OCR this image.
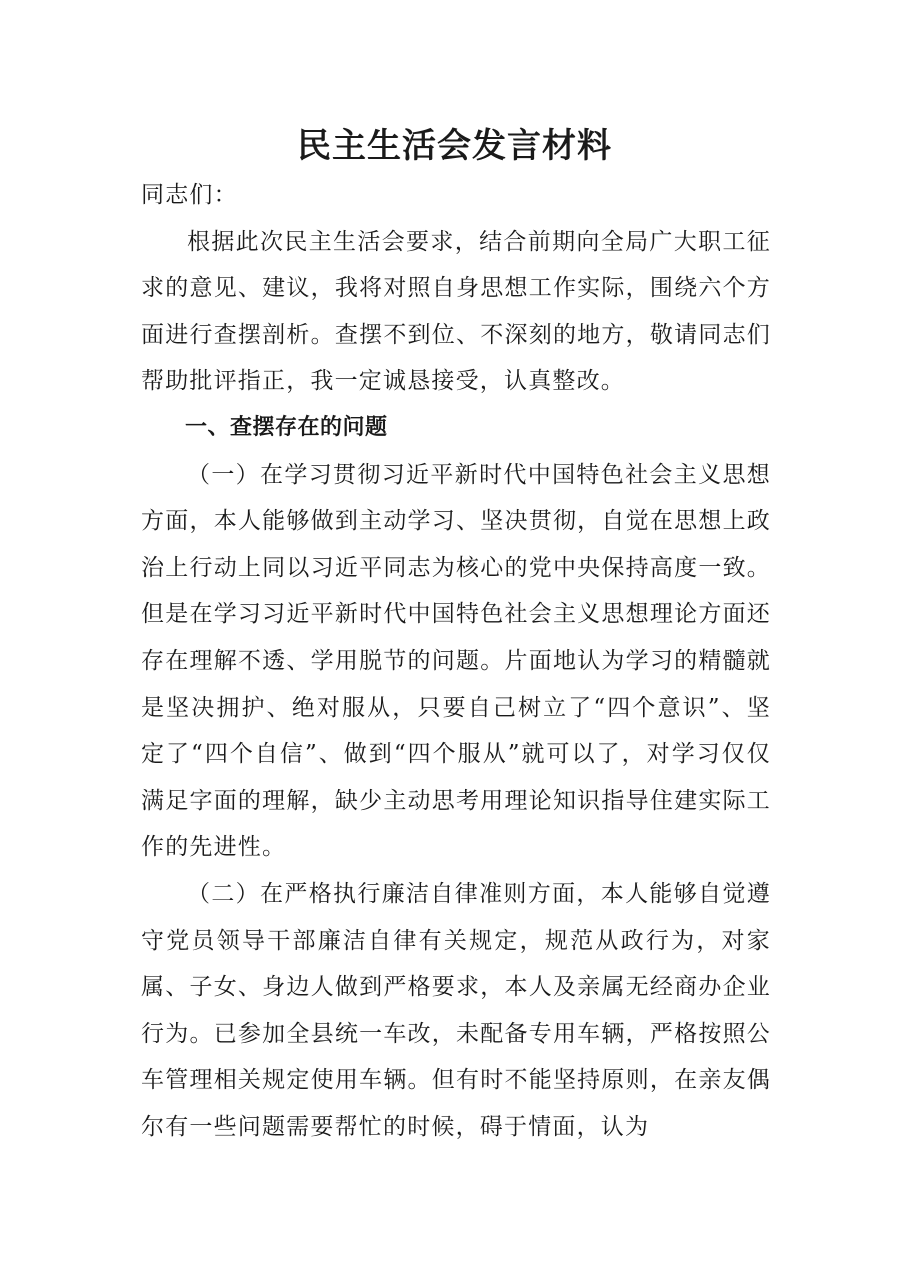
民主生活会发言材料

同志们：

根据此次民主生活会要求，结合前期向全局广大职工征求的意见、建议，我将对照自身思想工作实际，围绕六个方面进行查摆剖析。查摆不到位、不深刻的地方，敬请同志们帮助批评指正，我一定诚恳接受，认真整改。

一、查摆存在的问题

（一）在学习贯彻习近平新时代中国特色社会主义思想方面，本人能够做到主动学习、坚决贯彻，自觉在思想上政治上行动上同以习近平同志为核心的党中央保持高度一致。但是在学习习近平新时代中国特色社会主义思想理论方面还存在理解不透、学用脱节的问题。片面地认为学习的精髓就是坚决拥护、绝对服从，只要自己树立了“四个意识”、坚定了“四个自信”、做到“四个服从”就可以了，对学习仅仅满足字面的理解，缺少主动思考用理论知识指导住建实际工作的先进性。

（二）在严格执行廉洁自律准则方面，本人能够自觉遵守党员领导干部廉洁自律有关规定，规范从政行为，对家属、子女、身边人做到严格要求，本人及亲属无经商办企业行为。已参加全县统一车改，未配备专用车辆，严格按照公车管理相关规定使用车辆。但有时不能坚持原则，在亲友偶尔有一些问题需要帮忙的时候，碍于情面，认为
